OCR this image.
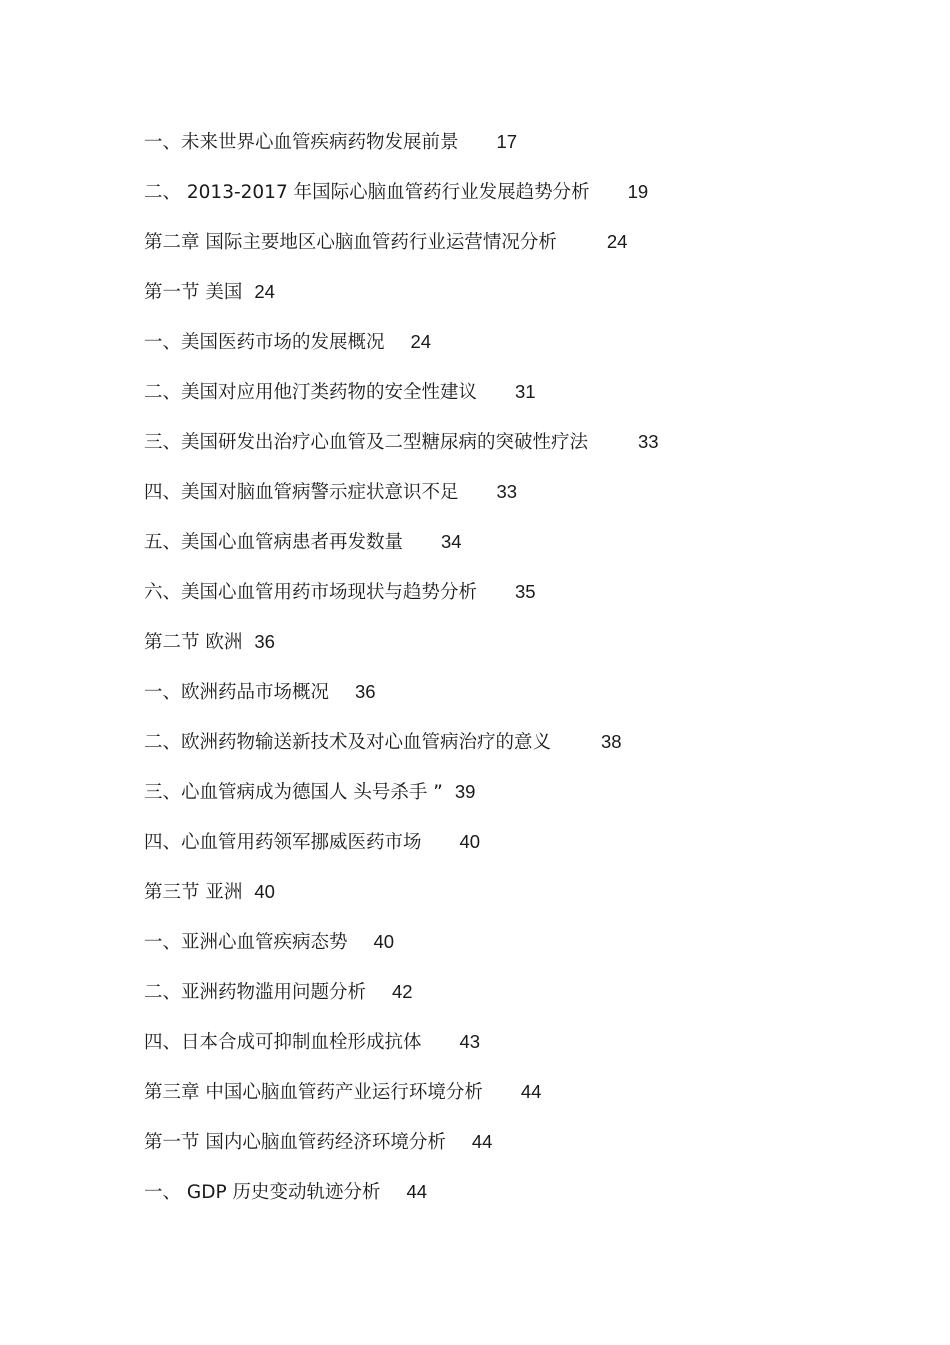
一、未来世界心血管疾病药物发展前景 17
二、 2013-2017 年国际心脑血管药行业发展趋势分析 19
第二章 国际主要地区心脑血管药行业运营情况分析	24
第一节 美国 24
一、美国医药市场的发展概况 24
二、美国对应用他汀类药物的安全性建议 31
三、美国研发出治疗心血管及二型糖尿病的突破性疗法	33
四、美国对脑血管病警示症状意识不足 33
五、美国心血管病患者再发数量 34
六、美国心血管用药市场现状与趋势分析 35
第二节 欧洲 36
一、欧洲药品市场概况 36
二、欧洲药物输送新技术及对心血管病治疗的意义	38
三、心血管病成为德国人 头号杀手 ” 39
四、心血管用药领军挪威医药市场 40
第三节 亚洲 40
一、亚洲心血管疾病态势 40
二、亚洲药物滥用问题分析 42
四、日本合成可抑制血栓形成抗体 43
第三章 中国心脑血管药产业运行环境分析 44
第一节 国内心脑血管药经济环境分析 44
一、 GDP 历史变动轨迹分析 44
